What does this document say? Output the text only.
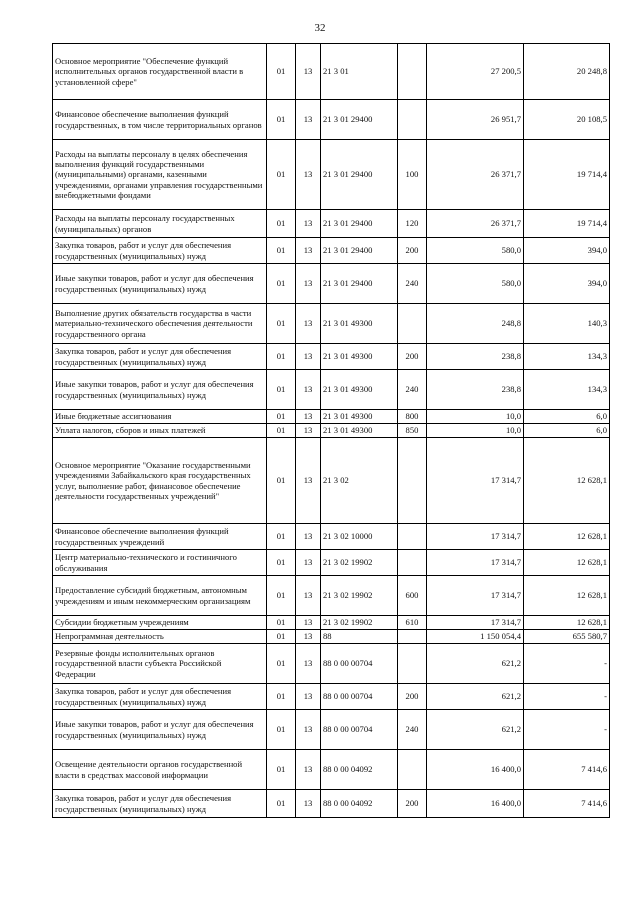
32
Основное мероприятие "Обеспечение функций исполнительных органов государственной власти в установленной сфере"	01	13	21 3 01		27 200,5	20 248,8
Финансовое обеспечение выполнения функций государственных, в том числе территориальных органов	01	13	21 3 01 29400		26 951,7	20 108,5
Расходы на выплаты персоналу в целях обеспечения выполнения функций государственными (муниципальными) органами, казенными учреждениями, органами управления государственными внебюджетными фондами	01	13	21 3 01 29400	100	26 371,7	19 714,4
Расходы на выплаты персоналу государственных (муниципальных) органов	01	13	21 3 01 29400	120	26 371,7	19 714,4
Закупка товаров, работ и услуг для обеспечения государственных (муниципальных) нужд	01	13	21 3 01 29400	200	580,0	394,0
Иные закупки товаров, работ и услуг для обеспечения государственных (муниципальных) нужд	01	13	21 3 01 29400	240	580,0	394,0
Выполнение других обязательств государства в части материально-технического обеспечения деятельности государственного органа	01	13	21 3 01 49300		248,8	140,3
Закупка товаров, работ и услуг для обеспечения государственных (муниципальных) нужд	01	13	21 3 01 49300	200	238,8	134,3
Иные закупки товаров, работ и услуг для обеспечения государственных (муниципальных) нужд	01	13	21 3 01 49300	240	238,8	134,3
Иные бюджетные ассигнования	01	13	21 3 01 49300	800	10,0	6,0
Уплата налогов, сборов и иных платежей	01	13	21 3 01 49300	850	10,0	6,0
Основное мероприятие "Оказание государственными учреждениями Забайкальского края государственных услуг, выполнение работ, финансовое обеспечение деятельности государственных учреждений"	01	13	21 3 02		17 314,7	12 628,1
Финансовое обеспечение выполнения функций государственных учреждений	01	13	21 3 02 10000		17 314,7	12 628,1
Центр материально-технического и гостиничного обслуживания	01	13	21 3 02 19902		17 314,7	12 628,1
Предоставление субсидий бюджетным, автономным учреждениям и иным некоммерческим организациям	01	13	21 3 02 19902	600	17 314,7	12 628,1
Субсидии бюджетным учреждениям	01	13	21 3 02 19902	610	17 314,7	12 628,1
Непрограммная деятельность	01	13	88		1 150 054,4	655 580,7
Резервные фонды исполнительных органов государственной власти субъекта Российской Федерации	01	13	88 0 00 00704		621,2	-
Закупка товаров, работ и услуг для обеспечения государственных (муниципальных) нужд	01	13	88 0 00 00704	200	621,2	-
Иные закупки товаров, работ и услуг для обеспечения государственных (муниципальных) нужд	01	13	88 0 00 00704	240	621,2	-
Освещение деятельности органов государственной власти в средствах массовой информации	01	13	88 0 00 04092		16 400,0	7 414,6
Закупка товаров, работ и услуг для обеспечения государственных (муниципальных) нужд	01	13	88 0 00 04092	200	16 400,0	7 414,6
